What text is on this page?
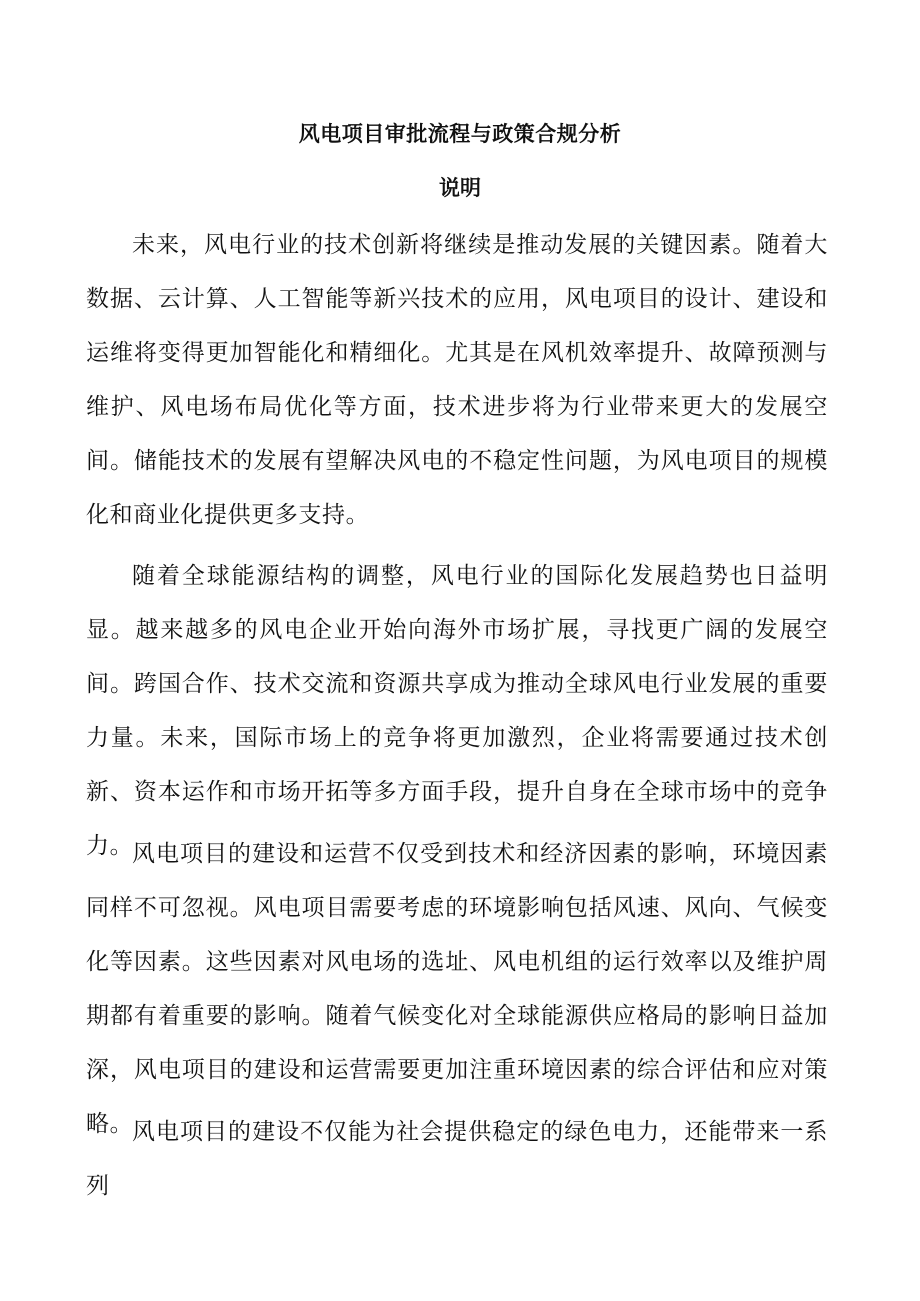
风电项目审批流程与政策合规分析
说明

未来，风电行业的技术创新将继续是推动发展的关键因素。随着大数据、云计算、人工智能等新兴技术的应用，风电项目的设计、建设和运维将变得更加智能化和精细化。尤其是在风机效率提升、故障预测与维护、风电场布局优化等方面，技术进步将为行业带来更大的发展空间。储能技术的发展有望解决风电的不稳定性问题，为风电项目的规模化和商业化提供更多支持。

随着全球能源结构的调整，风电行业的国际化发展趋势也日益明显。越来越多的风电企业开始向海外市场扩展，寻找更广阔的发展空间。跨国合作、技术交流和资源共享成为推动全球风电行业发展的重要力量。未来，国际市场上的竞争将更加激烈，企业将需要通过技术创新、资本运作和市场开拓等多方面手段，提升自身在全球市场中的竞争力。

风电项目的建设和运营不仅受到技术和经济因素的影响，环境因素同样不可忽视。风电项目需要考虑的环境影响包括风速、风向、气候变化等因素。这些因素对风电场的选址、风电机组的运行效率以及维护周期都有着重要的影响。随着气候变化对全球能源供应格局的影响日益加深，风电项目的建设和运营需要更加注重环境因素的综合评估和应对策略。

风电项目的建设不仅能为社会提供稳定的绿色电力，还能带来一系列
